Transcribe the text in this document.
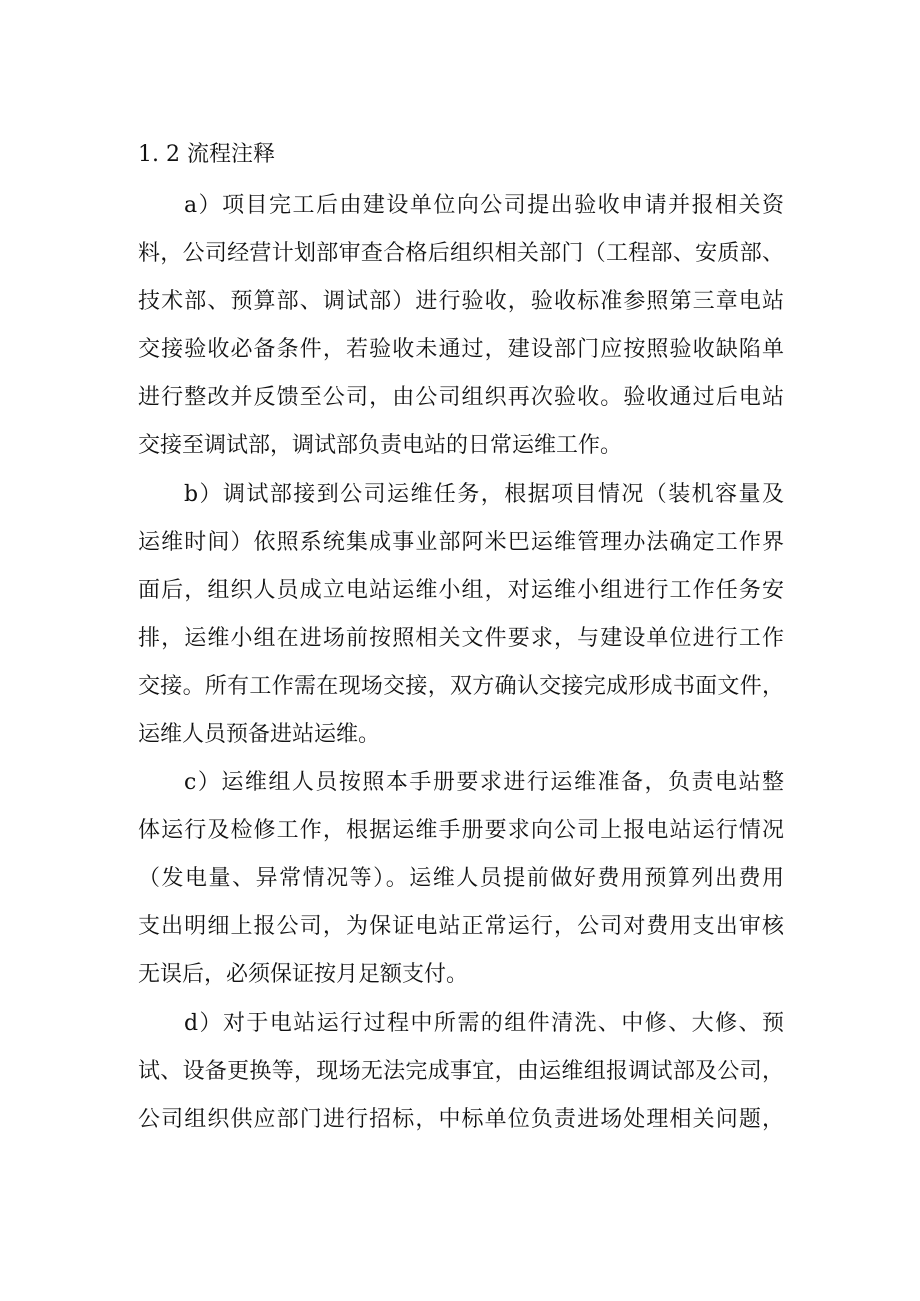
1. 2 流程注释
a）项目完工后由建设单位向公司提出验收申请并报相关资
料，公司经营计划部审查合格后组织相关部门（工程部、安质部、
技术部、预算部、调试部）进行验收，验收标准参照第三章电站
交接验收必备条件，若验收未通过，建设部门应按照验收缺陷单
进行整改并反馈至公司，由公司组织再次验收。验收通过后电站
交接至调试部，调试部负责电站的日常运维工作。
b）调试部接到公司运维任务，根据项目情况（装机容量及
运维时间）依照系统集成事业部阿米巴运维管理办法确定工作界
面后，组织人员成立电站运维小组，对运维小组进行工作任务安
排，运维小组在进场前按照相关文件要求，与建设单位进行工作
交接。所有工作需在现场交接，双方确认交接完成形成书面文件，
运维人员预备进站运维。
c）运维组人员按照本手册要求进行运维准备，负责电站整
体运行及检修工作，根据运维手册要求向公司上报电站运行情况
（发电量、异常情况等）。运维人员提前做好费用预算列出费用
支出明细上报公司，为保证电站正常运行，公司对费用支出审核
无误后，必须保证按月足额支付。
d）对于电站运行过程中所需的组件清洗、中修、大修、预
试、设备更换等，现场无法完成事宜，由运维组报调试部及公司，
公司组织供应部门进行招标，中标单位负责进场处理相关问题，
